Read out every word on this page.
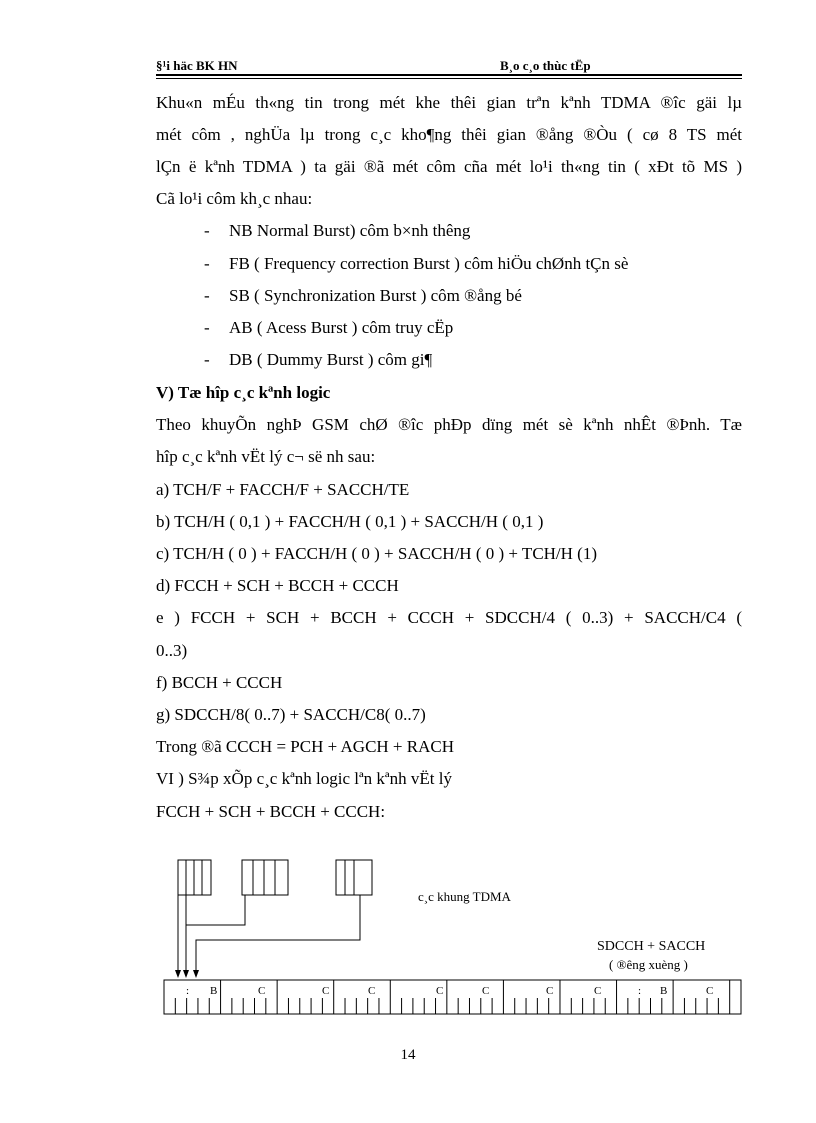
§¹i häc BK HN	B¸o c¸o thùc tËp
Khu«n mÉu th«ng tin trong mét khe thêi gian trªn kªnh TDMA ®îc gäi lµ
mét côm , nghÜa lµ trong c¸c kho¶ng thêi gian ®ång ®Òu ( cø 8 TS mét
lÇn ë kªnh TDMA ) ta gäi ®ã mét côm cña mét lo¹i th«ng tin ( xÐt tõ MS )
Cã lo¹i côm kh¸c nhau:
- NB Normal Burst) côm b×nh thêng
- FB ( Frequency correction Burst ) côm hiÖu chØnh tÇn sè
- SB ( Synchronization Burst ) côm ®ång bé
- AB ( Acess Burst ) côm truy cËp
- DB ( Dummy Burst ) côm gi¶
V) Tæ hîp c¸c kªnh logic
Theo khuyÕn nghÞ GSM chØ ®îc phÐp dïng mét sè kªnh nhÊt ®Þnh. Tæ
hîp c¸c kªnh vËt lý c¬ së nh sau:
a) TCH/F + FACCH/F + SACCH/TE
b) TCH/H ( 0,1 ) + FACCH/H ( 0,1 ) + SACCH/H ( 0,1 )
c) TCH/H ( 0 ) + FACCH/H ( 0 ) + SACCH/H ( 0 ) + TCH/H (1)
d) FCCH + SCH + BCCH + CCCH
e ) FCCH + SCH + BCCH + CCCH + SDCCH/4 ( 0..3) + SACCH/C4 (
0..3)
f) BCCH + CCCH
g) SDCCH/8( 0..7) + SACCH/C8( 0..7)
Trong ®ã CCCH = PCH + AGCH + RACH
VI ) S¾p xÕp c¸c kªnh logic lªn kªnh vËt lý
FCCH + SCH + BCCH + CCCH:
: B	C	C	C	C	C	C	C	: B	C
c¸c khung TDMA
SDCCH + SACCH
( ®êng xuèng )
14
